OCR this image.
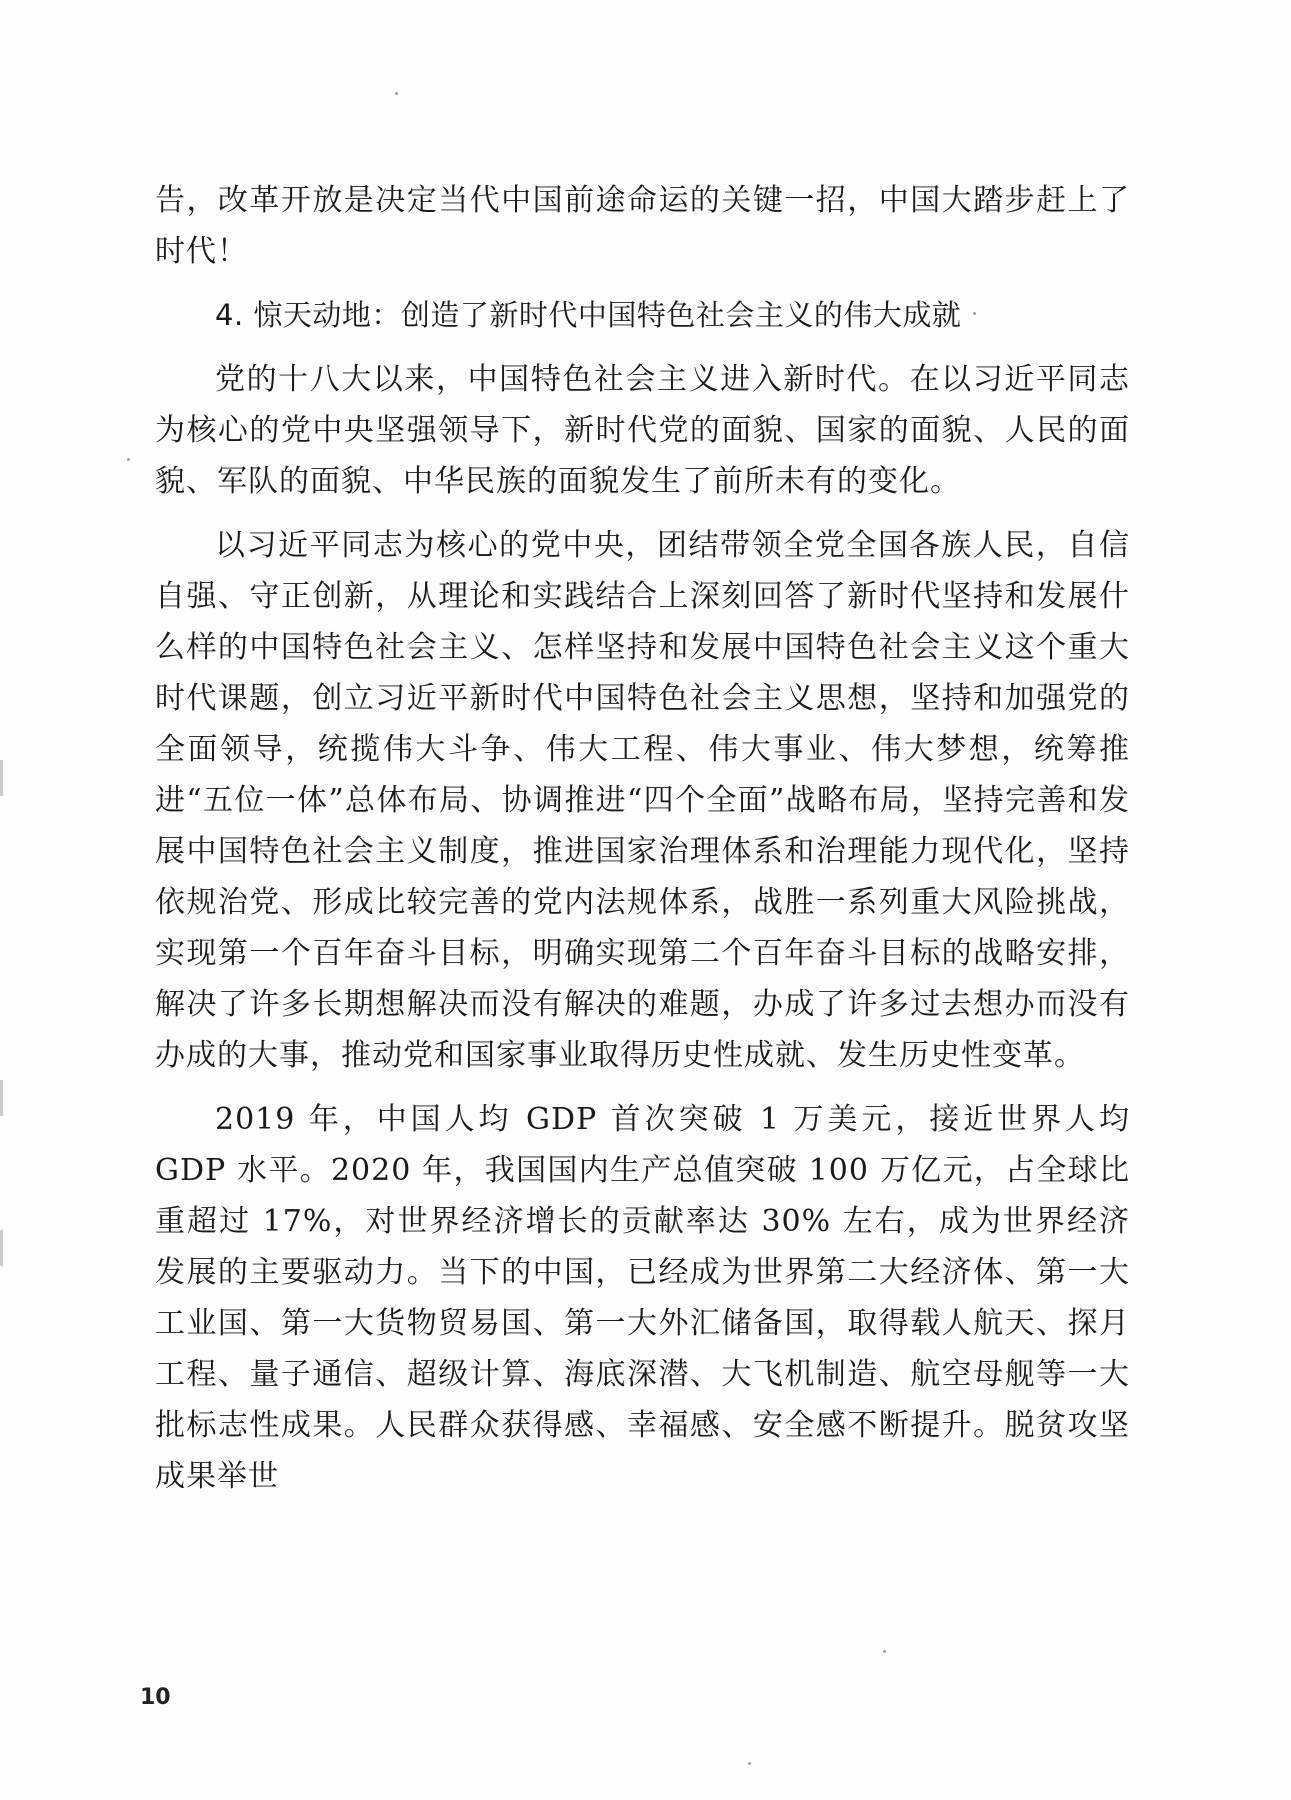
告，改革开放是决定当代中国前途命运的关键一招，中国大踏步赶上了时代！

4. 惊天动地：创造了新时代中国特色社会主义的伟大成就

党的十八大以来，中国特色社会主义进入新时代。在以习近平同志为核心的党中央坚强领导下，新时代党的面貌、国家的面貌、人民的面貌、军队的面貌、中华民族的面貌发生了前所未有的变化。

以习近平同志为核心的党中央，团结带领全党全国各族人民，自信自强、守正创新，从理论和实践结合上深刻回答了新时代坚持和发展什么样的中国特色社会主义、怎样坚持和发展中国特色社会主义这个重大时代课题，创立习近平新时代中国特色社会主义思想，坚持和加强党的全面领导，统揽伟大斗争、伟大工程、伟大事业、伟大梦想，统筹推进“五位一体”总体布局、协调推进“四个全面”战略布局，坚持完善和发展中国特色社会主义制度，推进国家治理体系和治理能力现代化，坚持依规治党、形成比较完善的党内法规体系，战胜一系列重大风险挑战，实现第一个百年奋斗目标，明确实现第二个百年奋斗目标的战略安排，解决了许多长期想解决而没有解决的难题，办成了许多过去想办而没有办成的大事，推动党和国家事业取得历史性成就、发生历史性变革。

2019 年，中国人均 GDP 首次突破 1 万美元，接近世界人均 GDP 水平。2020 年，我国国内生产总值突破 100 万亿元，占全球比重超过 17%，对世界经济增长的贡献率达 30% 左右，成为世界经济发展的主要驱动力。当下的中国，已经成为世界第二大经济体、第一大工业国、第一大货物贸易国、第一大外汇储备国，取得载人航天、探月工程、量子通信、超级计算、海底深潜、大飞机制造、航空母舰等一大批标志性成果。人民群众获得感、幸福感、安全感不断提升。脱贫攻坚成果举世

10
